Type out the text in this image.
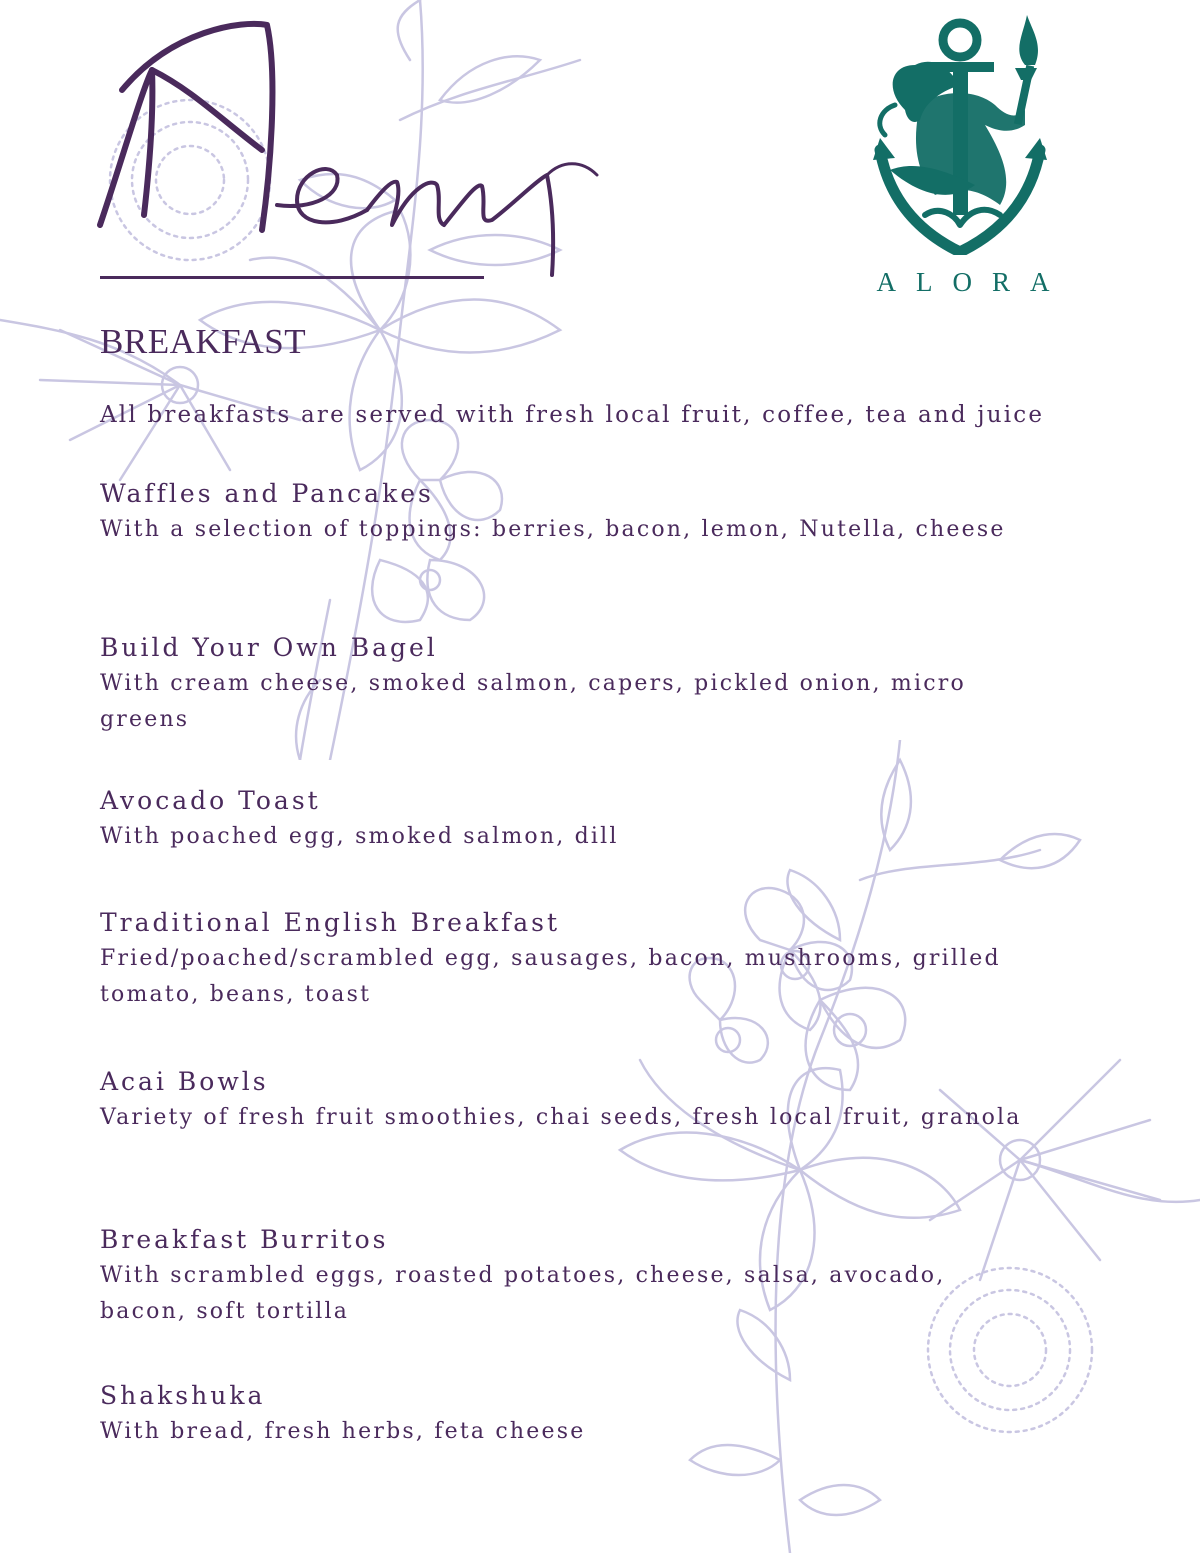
ALORA
BREAKFAST
All breakfasts are served with fresh local fruit, coffee, tea and juice

Waffles and Pancakes

With a selection of toppings: berries, bacon, lemon, Nutella, cheese

Build Your Own Bagel

With cream cheese, smoked salmon, capers, pickled onion, micro greens

Avocado Toast

With poached egg, smoked salmon, dill

Traditional English Breakfast

Fried/poached/scrambled egg, sausages, bacon, mushrooms, grilled tomato, beans, toast

Acai Bowls

Variety of fresh fruit smoothies, chai seeds, fresh local fruit, granola

Breakfast Burritos

With scrambled eggs, roasted potatoes, cheese, salsa, avocado, bacon, soft tortilla

Shakshuka

With bread, fresh herbs, feta cheese
